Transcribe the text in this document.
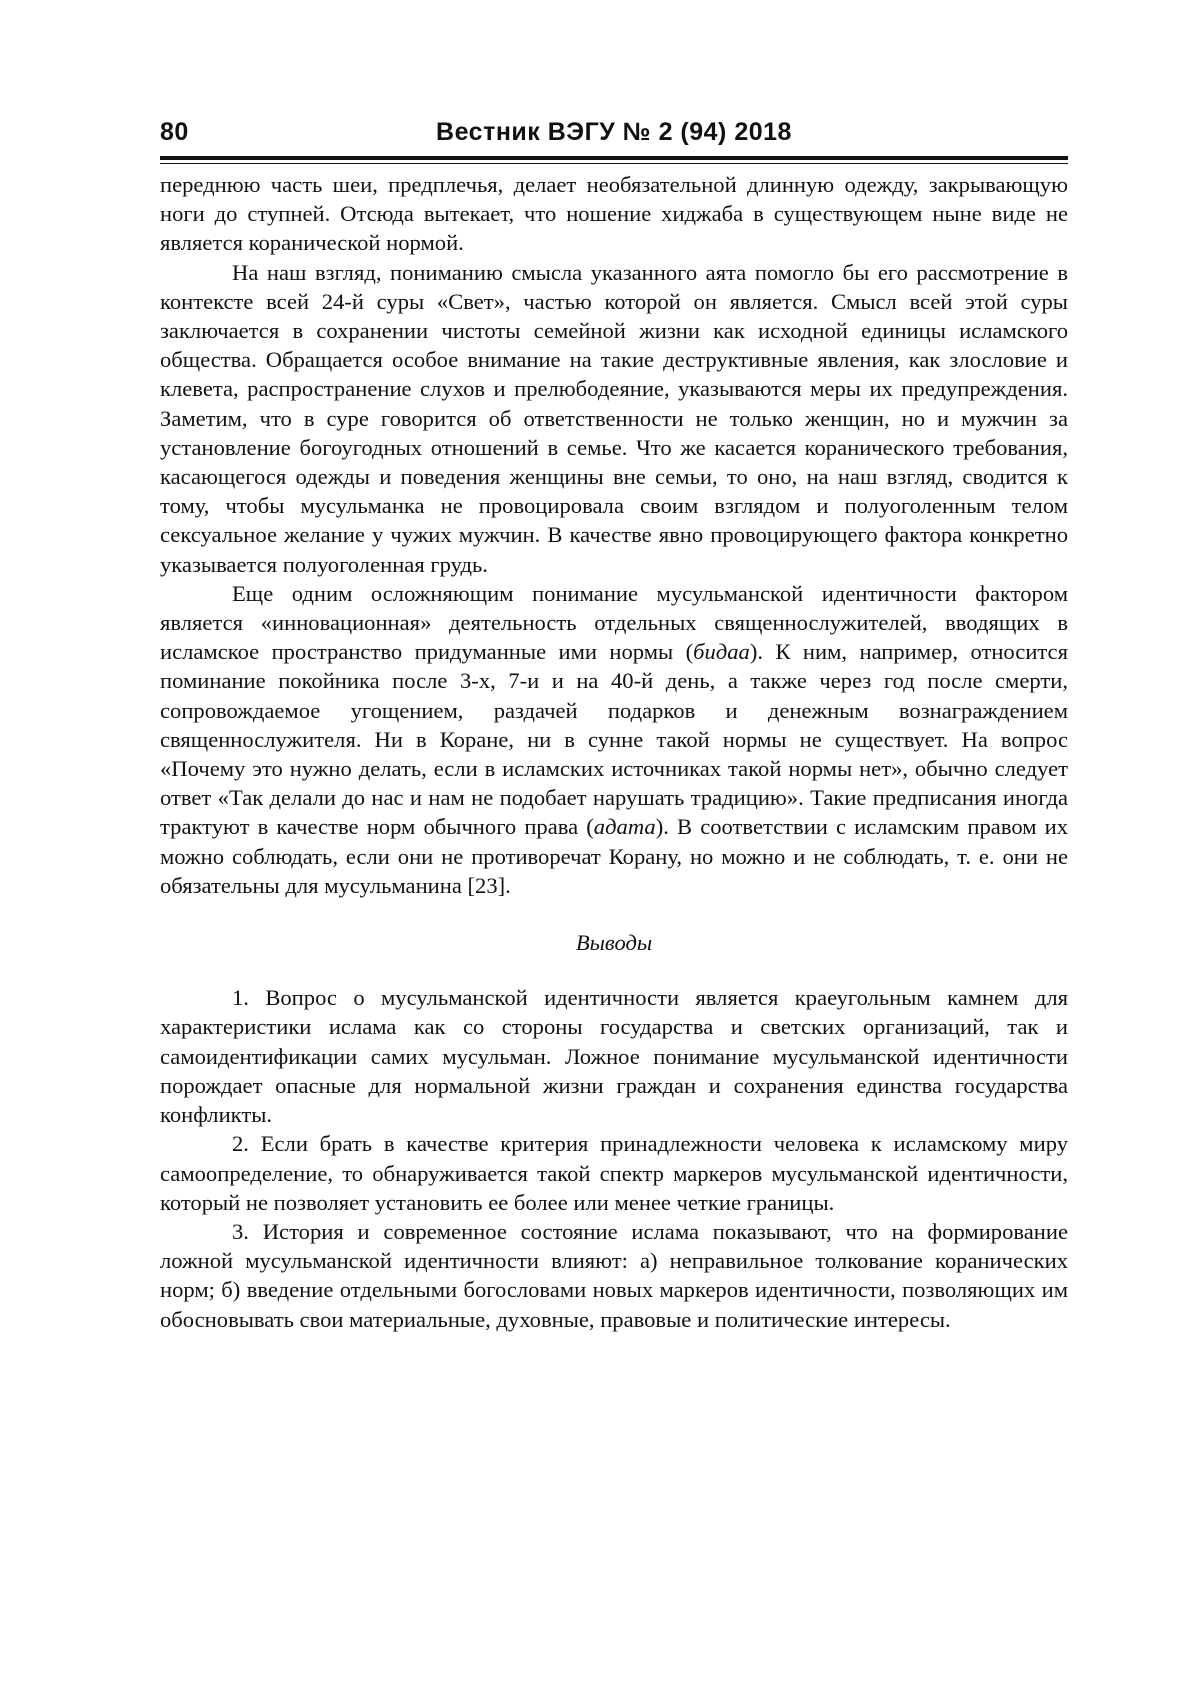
80	Вестник ВЭГУ № 2 (94) 2018

переднюю часть шеи, предплечья, делает необязательной длинную одежду, закрывающую ноги до ступней. Отсюда вытекает, что ношение хиджаба в существующем ныне виде не является коранической нормой.

На наш взгляд, пониманию смысла указанного аята помогло бы его рассмотрение в контексте всей 24-й суры «Свет», частью которой он является. Смысл всей этой суры заключается в сохранении чистоты семейной жизни как исходной единицы исламского общества. Обращается особое внимание на такие деструктивные явления, как злословие и клевета, распространение слухов и прелюбодеяние, указываются меры их предупреждения. Заметим, что в суре говорится об ответственности не только женщин, но и мужчин за установление богоугодных отношений в семье. Что же касается коранического требования, касающегося одежды и поведения женщины вне семьи, то оно, на наш взгляд, сводится к тому, чтобы мусульманка не провоцировала своим взглядом и полуоголенным телом сексуальное желание у чужих мужчин. В качестве явно провоцирующего фактора конкретно указывается полуоголенная грудь.

Еще одним осложняющим понимание мусульманской идентичности фактором является «инновационная» деятельность отдельных священнослужителей, вводящих в исламское пространство придуманные ими нормы (бидаа). К ним, например, относится поминание покойника после 3-х, 7-и и на 40-й день, а также через год после смерти, сопровождаемое угощением, раздачей подарков и денежным вознаграждением священнослужителя. Ни в Коране, ни в сунне такой нормы не существует. На вопрос «Почему это нужно делать, если в исламских источниках такой нормы нет», обычно следует ответ «Так делали до нас и нам не подобает нарушать традицию». Такие предписания иногда трактуют в качестве норм обычного права (адата). В соответствии с исламским правом их можно соблюдать, если они не противоречат Корану, но можно и не соблюдать, т. е. они не обязательны для мусульманина [23].

Выводы

1. Вопрос о мусульманской идентичности является краеугольным камнем для характеристики ислама как со стороны государства и светских организаций, так и самоидентификации самих мусульман. Ложное понимание мусульманской идентичности порождает опасные для нормальной жизни граждан и сохранения единства государства конфликты.

2. Если брать в качестве критерия принадлежности человека к исламскому миру самоопределение, то обнаруживается такой спектр маркеров мусульманской идентичности, который не позволяет установить ее более или менее четкие границы.

3. История и современное состояние ислама показывают, что на формирование ложной мусульманской идентичности влияют: а) неправильное толкование коранических норм; б) введение отдельными богословами новых маркеров идентичности, позволяющих им обосновывать свои материальные, духовные, правовые и политические интересы.
